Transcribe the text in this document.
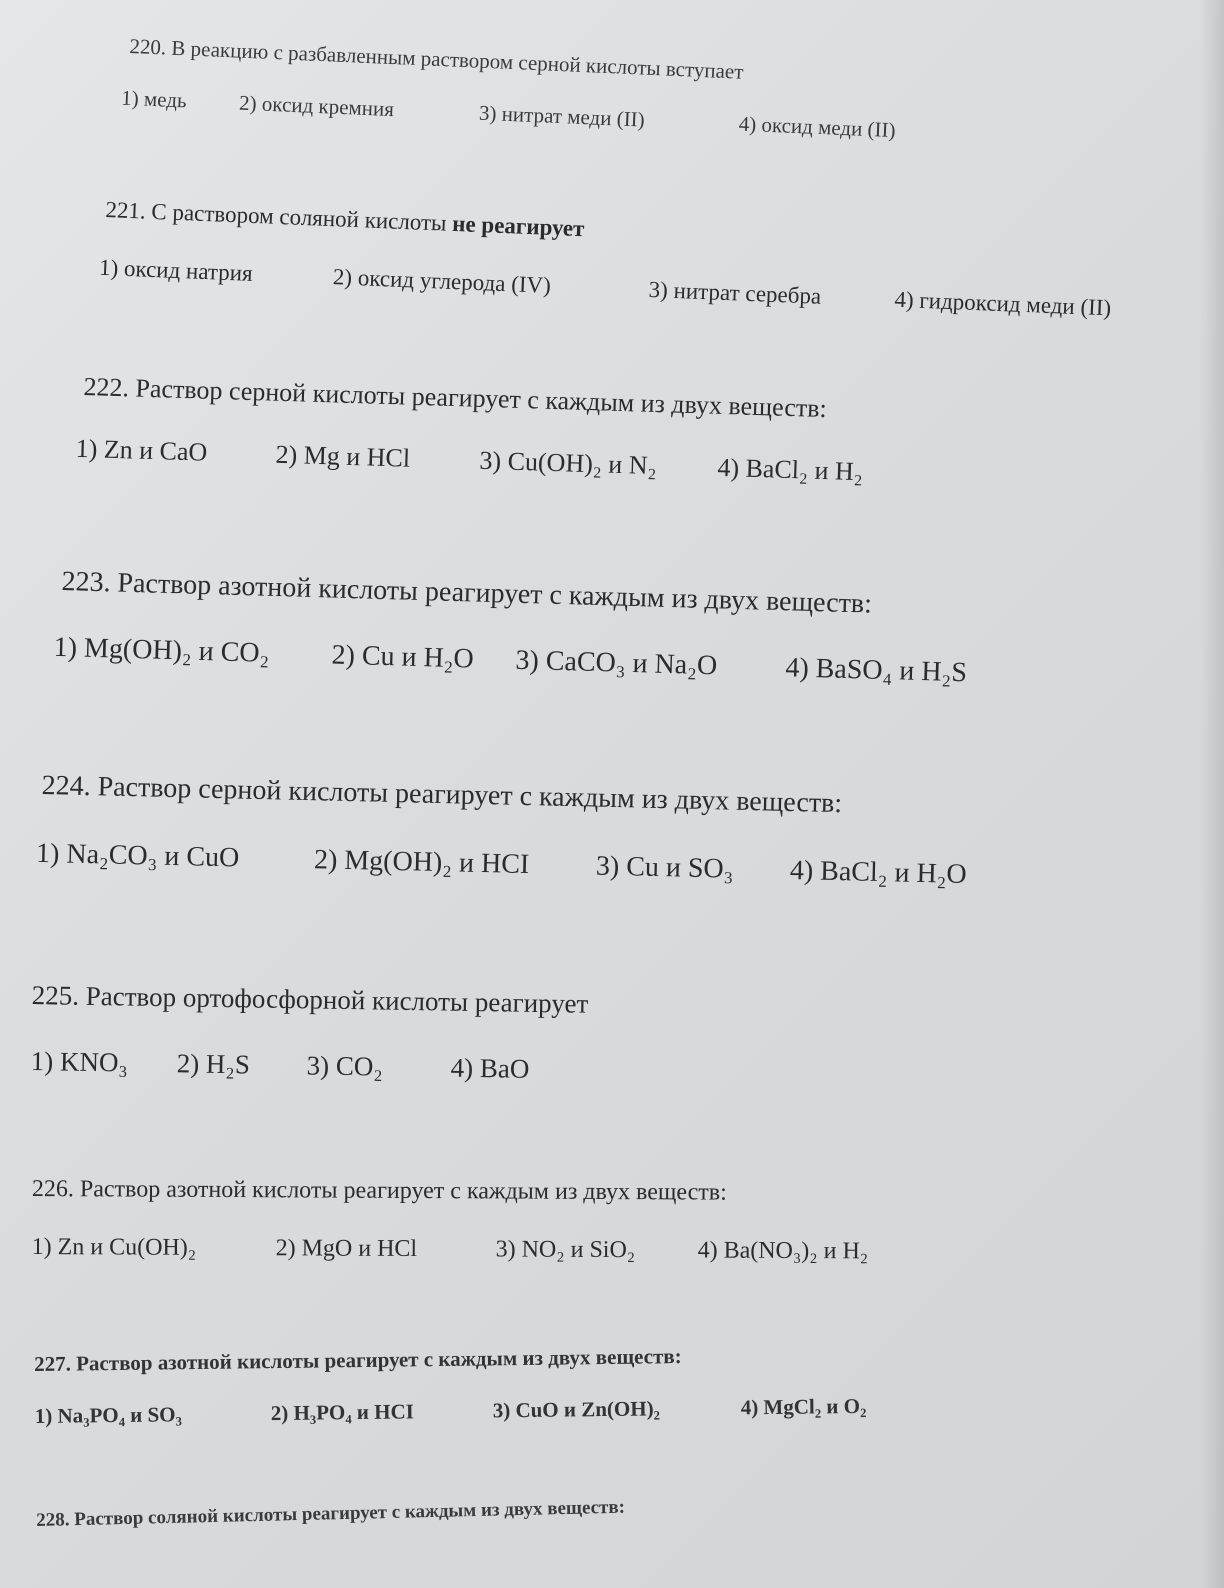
220. В реакцию с разбавленным раствором серной кислоты вступает
1) медь 2) оксид кремния	3) нитрат меди (II)	4) оксид меди (II)
221. С раствором соляной кислоты не реагирует
1) оксид натрия	2) оксид углерода (IV)	3) нитрат серебра	4) гидроксид меди (II)
222. Раствор серной кислоты реагирует с каждым из двух веществ:
1) Zn и CaO	2) Mg и HCl	3) Cu(OH)₂ и N₂ 4) BaCl₂ и H₂
223. Раствор азотной кислоты реагирует с каждым из двух веществ:
1) Mg(OH)₂ и CO₂ 2) Cu и H₂O 3) CaCO₃ и Na₂O 4) BaSO₄ и H₂S
224. Раствор серной кислоты реагирует с каждым из двух веществ:
1) Na₂CO₃ и CuO	2) Mg(OH)₂ и HCI 3) Cu и SO₃ 4) BaCl₂ и H₂O
225. Раствор ортофосфорной кислоты реагирует
1) KNO₃ 2) H₂S 3) CO₂ 4) BaO
226. Раствор азотной кислоты реагирует с каждым из двух веществ:
1) Zn и Cu(OH)₂	2) MgO и HCl	3) NO₂ и SiO₂	4) Ba(NO₃)₂ и H₂
227. Раствор азотной кислоты реагирует с каждым из двух веществ:
1) Na₃PO₄ и SO₃	2) H₃PO₄ и HCI	3) CuO и Zn(OH)₂	4) MgCl₂ и O₂
228. Раствор соляной кислоты реагирует с каждым из двух веществ:
